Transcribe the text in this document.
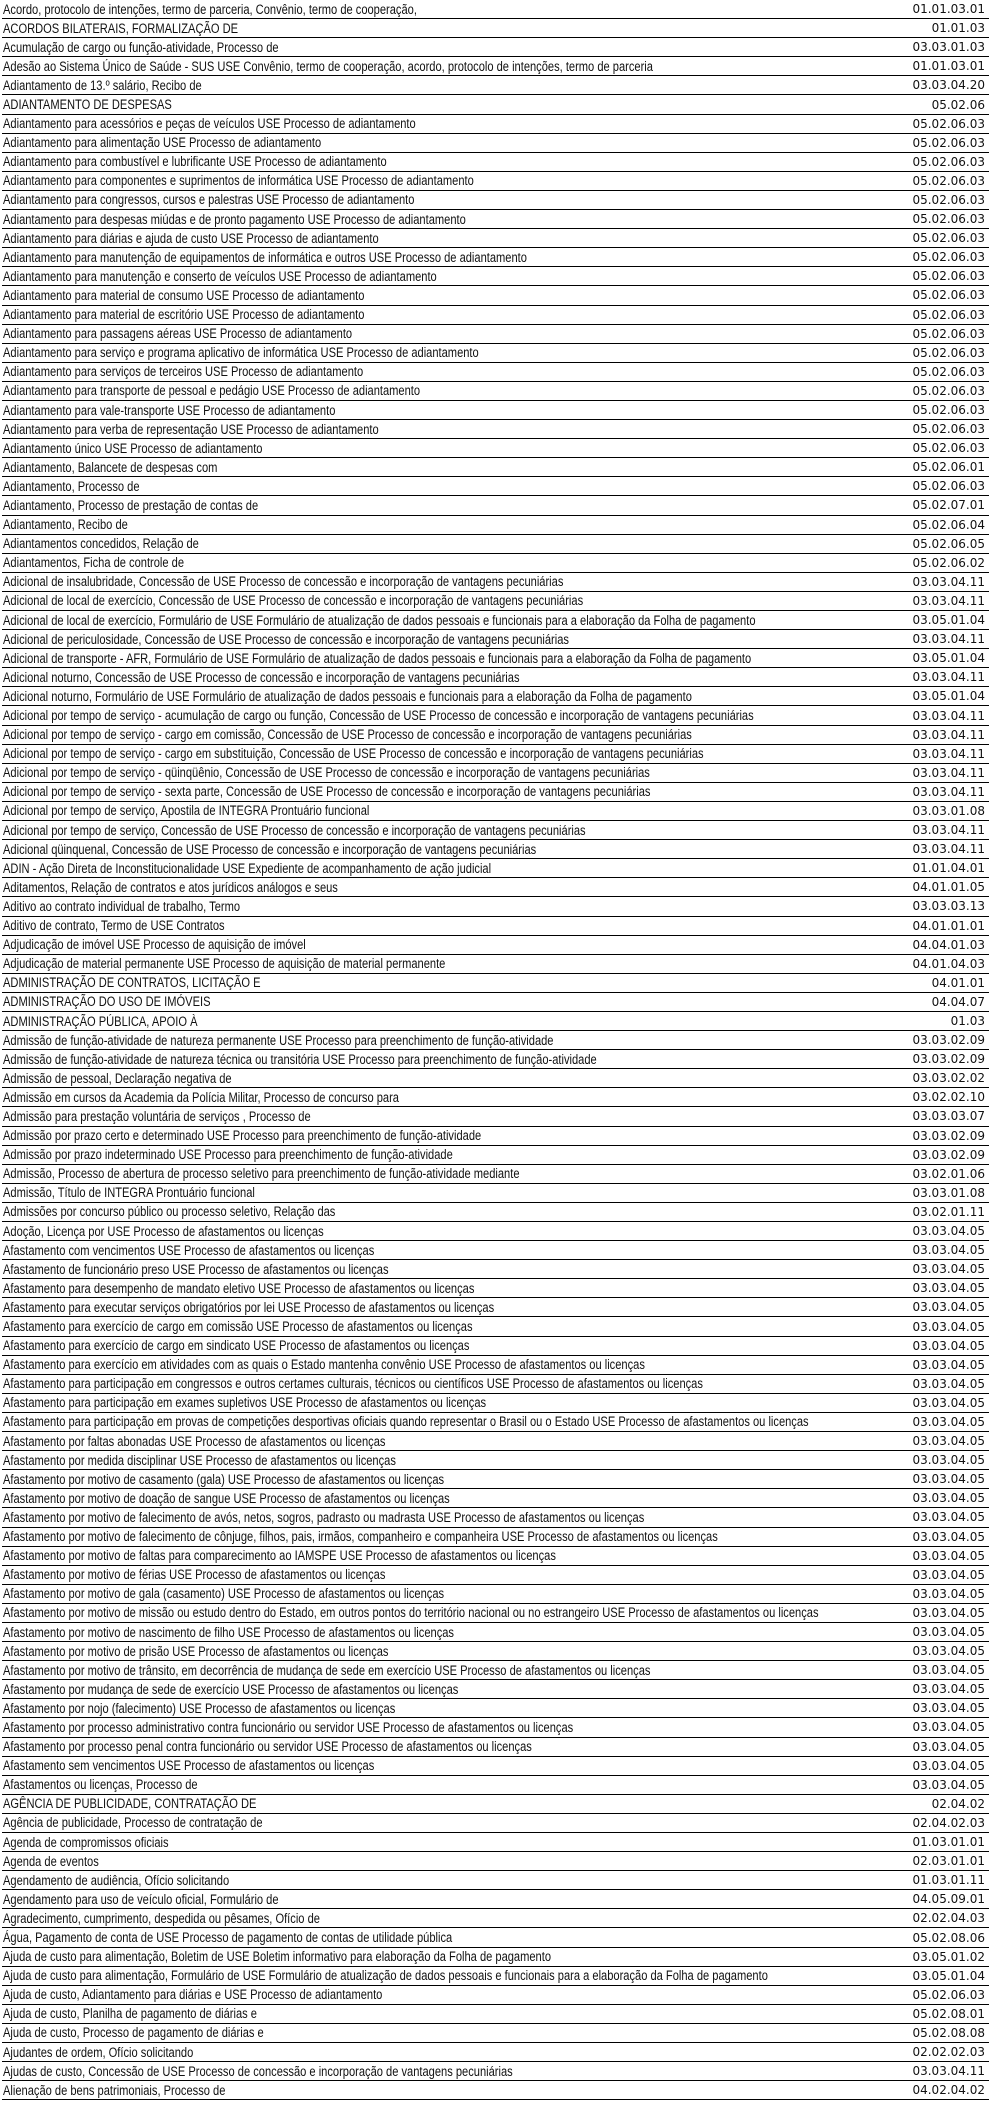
Acordo, protocolo de intenções, termo de parceria, Convênio, termo de cooperação,	01.01.03.01
ACORDOS BILATERAIS, FORMALIZAÇÃO DE	01.01.03
Acumulação de cargo ou função-atividade, Processo de	03.03.01.03
Adesão ao Sistema Único de Saúde - SUS USE Convênio, termo de cooperação, acordo, protocolo de intenções, termo de parceria	01.01.03.01
Adiantamento de 13.º salário, Recibo de	03.03.04.20
ADIANTAMENTO DE DESPESAS	05.02.06
Adiantamento para acessórios e peças de veículos USE Processo de adiantamento	05.02.06.03
Adiantamento para alimentação USE Processo de adiantamento	05.02.06.03
Adiantamento para combustível e lubrificante USE Processo de adiantamento	05.02.06.03
Adiantamento para componentes e suprimentos de informática USE Processo de adiantamento	05.02.06.03
Adiantamento para congressos, cursos e palestras USE Processo de adiantamento	05.02.06.03
Adiantamento para despesas miúdas e de pronto pagamento USE Processo de adiantamento	05.02.06.03
Adiantamento para diárias e ajuda de custo USE Processo de adiantamento	05.02.06.03
Adiantamento para manutenção de equipamentos de informática e outros USE Processo de adiantamento	05.02.06.03
Adiantamento para manutenção e conserto de veículos USE Processo de adiantamento	05.02.06.03
Adiantamento para material de consumo USE Processo de adiantamento	05.02.06.03
Adiantamento para material de escritório USE Processo de adiantamento	05.02.06.03
Adiantamento para passagens aéreas USE Processo de adiantamento	05.02.06.03
Adiantamento para serviço e programa aplicativo de informática USE Processo de adiantamento	05.02.06.03
Adiantamento para serviços de terceiros USE Processo de adiantamento	05.02.06.03
Adiantamento para transporte de pessoal e pedágio USE Processo de adiantamento	05.02.06.03
Adiantamento para vale-transporte USE Processo de adiantamento	05.02.06.03
Adiantamento para verba de representação USE Processo de adiantamento	05.02.06.03
Adiantamento único USE Processo de adiantamento	05.02.06.03
Adiantamento, Balancete de despesas com	05.02.06.01
Adiantamento, Processo de	05.02.06.03
Adiantamento, Processo de prestação de contas de	05.02.07.01
Adiantamento, Recibo de	05.02.06.04
Adiantamentos concedidos, Relação de	05.02.06.05
Adiantamentos, Ficha de controle de	05.02.06.02
Adicional de insalubridade, Concessão de USE Processo de concessão e incorporação de vantagens pecuniárias	03.03.04.11
Adicional de local de exercício, Concessão de USE Processo de concessão e incorporação de vantagens pecuniárias	03.03.04.11
Adicional de local de exercício, Formulário de USE Formulário de atualização de dados pessoais e funcionais para a elaboração da Folha de pagamento	03.05.01.04
Adicional de periculosidade, Concessão de USE Processo de concessão e incorporação de vantagens pecuniárias	03.03.04.11
Adicional de transporte - AFR, Formulário de USE Formulário de atualização de dados pessoais e funcionais para a elaboração da Folha de pagamento	03.05.01.04
Adicional noturno, Concessão de USE Processo de concessão e incorporação de vantagens pecuniárias	03.03.04.11
Adicional noturno, Formulário de USE Formulário de atualização de dados pessoais e funcionais para a elaboração da Folha de pagamento	03.05.01.04
Adicional por tempo de serviço - acumulação de cargo ou função, Concessão de USE Processo de concessão e incorporação de vantagens pecuniárias	03.03.04.11
Adicional por tempo de serviço - cargo em comissão, Concessão de USE Processo de concessão e incorporação de vantagens pecuniárias	03.03.04.11
Adicional por tempo de serviço - cargo em substituição, Concessão de USE Processo de concessão e incorporação de vantagens pecuniárias	03.03.04.11
Adicional por tempo de serviço - qüinqüênio, Concessão de USE Processo de concessão e incorporação de vantagens pecuniárias	03.03.04.11
Adicional por tempo de serviço - sexta parte, Concessão de USE Processo de concessão e incorporação de vantagens pecuniárias	03.03.04.11
Adicional por tempo de serviço, Apostila de INTEGRA Prontuário funcional	03.03.01.08
Adicional por tempo de serviço, Concessão de USE Processo de concessão e incorporação de vantagens pecuniárias	03.03.04.11
Adicional qüinquenal, Concessão de USE Processo de concessão e incorporação de vantagens pecuniárias	03.03.04.11
ADIN - Ação Direta de Inconstitucionalidade USE Expediente de acompanhamento de ação judicial	01.01.04.01
Aditamentos, Relação de contratos e atos jurídicos análogos e seus	04.01.01.05
Aditivo ao contrato individual de trabalho, Termo	03.03.03.13
Aditivo de contrato, Termo de USE Contratos	04.01.01.01
Adjudicação de imóvel USE Processo de aquisição de imóvel	04.04.01.03
Adjudicação de material permanente USE Processo de aquisição de material permanente	04.01.04.03
ADMINISTRAÇÃO DE CONTRATOS, LICITAÇÃO E	04.01.01
ADMINISTRAÇÃO DO USO DE IMÓVEIS	04.04.07
ADMINISTRAÇÃO PÚBLICA, APOIO À	01.03
Admissão de função-atividade de natureza permanente USE Processo para preenchimento de função-atividade	03.03.02.09
Admissão de função-atividade de natureza técnica ou transitória USE Processo para preenchimento de função-atividade	03.03.02.09
Admissão de pessoal, Declaração negativa de	03.03.02.02
Admissão em cursos da Academia da Polícia Militar, Processo de concurso para	03.02.02.10
Admissão para prestação voluntária de serviços , Processo de	03.03.03.07
Admissão por prazo certo e determinado USE Processo para preenchimento de função-atividade	03.03.02.09
Admissão por prazo indeterminado USE Processo para preenchimento de função-atividade	03.03.02.09
Admissão, Processo de abertura de processo seletivo para preenchimento de função-atividade mediante	03.02.01.06
Admissão, Título de INTEGRA Prontuário funcional	03.03.01.08
Admissões por concurso público ou processo seletivo, Relação das	03.02.01.11
Adoção, Licença por USE Processo de afastamentos ou licenças	03.03.04.05
Afastamento com vencimentos USE Processo de afastamentos ou licenças	03.03.04.05
Afastamento de funcionário preso USE Processo de afastamentos ou licenças	03.03.04.05
Afastamento para desempenho de mandato eletivo USE Processo de afastamentos ou licenças	03.03.04.05
Afastamento para executar serviços obrigatórios por lei USE Processo de afastamentos ou licenças	03.03.04.05
Afastamento para exercício de cargo em comissão USE Processo de afastamentos ou licenças	03.03.04.05
Afastamento para exercício de cargo em sindicato USE Processo de afastamentos ou licenças	03.03.04.05
Afastamento para exercício em atividades com as quais o Estado mantenha convênio USE Processo de afastamentos ou licenças	03.03.04.05
Afastamento para participação em congressos e outros certames culturais, técnicos ou científicos USE Processo de afastamentos ou licenças	03.03.04.05
Afastamento para participação em exames supletivos USE Processo de afastamentos ou licenças	03.03.04.05
Afastamento para participação em provas de competições desportivas oficiais quando representar o Brasil ou o Estado USE Processo de afastamentos ou licenças	03.03.04.05
Afastamento por faltas abonadas USE Processo de afastamentos ou licenças	03.03.04.05
Afastamento por medida disciplinar USE Processo de afastamentos ou licenças	03.03.04.05
Afastamento por motivo de casamento (gala) USE Processo de afastamentos ou licenças	03.03.04.05
Afastamento por motivo de doação de sangue USE Processo de afastamentos ou licenças	03.03.04.05
Afastamento por motivo de falecimento de avós, netos, sogros, padrasto ou madrasta USE Processo de afastamentos ou licenças	03.03.04.05
Afastamento por motivo de falecimento de cônjuge, filhos, pais, irmãos, companheiro e companheira USE Processo de afastamentos ou licenças	03.03.04.05
Afastamento por motivo de faltas para comparecimento ao IAMSPE USE Processo de afastamentos ou licenças	03.03.04.05
Afastamento por motivo de férias USE Processo de afastamentos ou licenças	03.03.04.05
Afastamento por motivo de gala (casamento) USE Processo de afastamentos ou licenças	03.03.04.05
Afastamento por motivo de missão ou estudo dentro do Estado, em outros pontos do território nacional ou no estrangeiro USE Processo de afastamentos ou licenças	03.03.04.05
Afastamento por motivo de nascimento de filho USE Processo de afastamentos ou licenças	03.03.04.05
Afastamento por motivo de prisão USE Processo de afastamentos ou licenças	03.03.04.05
Afastamento por motivo de trânsito, em decorrência de mudança de sede em exercício USE Processo de afastamentos ou licenças	03.03.04.05
Afastamento por mudança de sede de exercício USE Processo de afastamentos ou licenças	03.03.04.05
Afastamento por nojo (falecimento) USE Processo de afastamentos ou licenças	03.03.04.05
Afastamento por processo administrativo contra funcionário ou servidor USE Processo de afastamentos ou licenças	03.03.04.05
Afastamento por processo penal contra funcionário ou servidor USE Processo de afastamentos ou licenças	03.03.04.05
Afastamento sem vencimentos USE Processo de afastamentos ou licenças	03.03.04.05
Afastamentos ou licenças, Processo de	03.03.04.05
AGÊNCIA DE PUBLICIDADE, CONTRATAÇÃO DE	02.04.02
Agência de publicidade, Processo de contratação de	02.04.02.03
Agenda de compromissos oficiais	01.03.01.01
Agenda de eventos	02.03.01.01
Agendamento de audiência, Ofício solicitando	01.03.01.11
Agendamento para uso de veículo oficial, Formulário de	04.05.09.01
Agradecimento, cumprimento, despedida ou pêsames, Ofício de	02.02.04.03
Água, Pagamento de conta de USE Processo de pagamento de contas de utilidade pública	05.02.08.06
Ajuda de custo para alimentação, Boletim de USE Boletim informativo para elaboração da Folha de pagamento	03.05.01.02
Ajuda de custo para alimentação, Formulário de USE Formulário de atualização de dados pessoais e funcionais para a elaboração da Folha de pagamento	03.05.01.04
Ajuda de custo, Adiantamento para diárias e USE Processo de adiantamento	05.02.06.03
Ajuda de custo, Planilha de pagamento de diárias e	05.02.08.01
Ajuda de custo, Processo de pagamento de diárias e	05.02.08.08
Ajudantes de ordem, Ofício solicitando	02.02.02.03
Ajudas de custo, Concessão de USE Processo de concessão e incorporação de vantagens pecuniárias	03.03.04.11
Alienação de bens patrimoniais, Processo de	04.02.04.02
